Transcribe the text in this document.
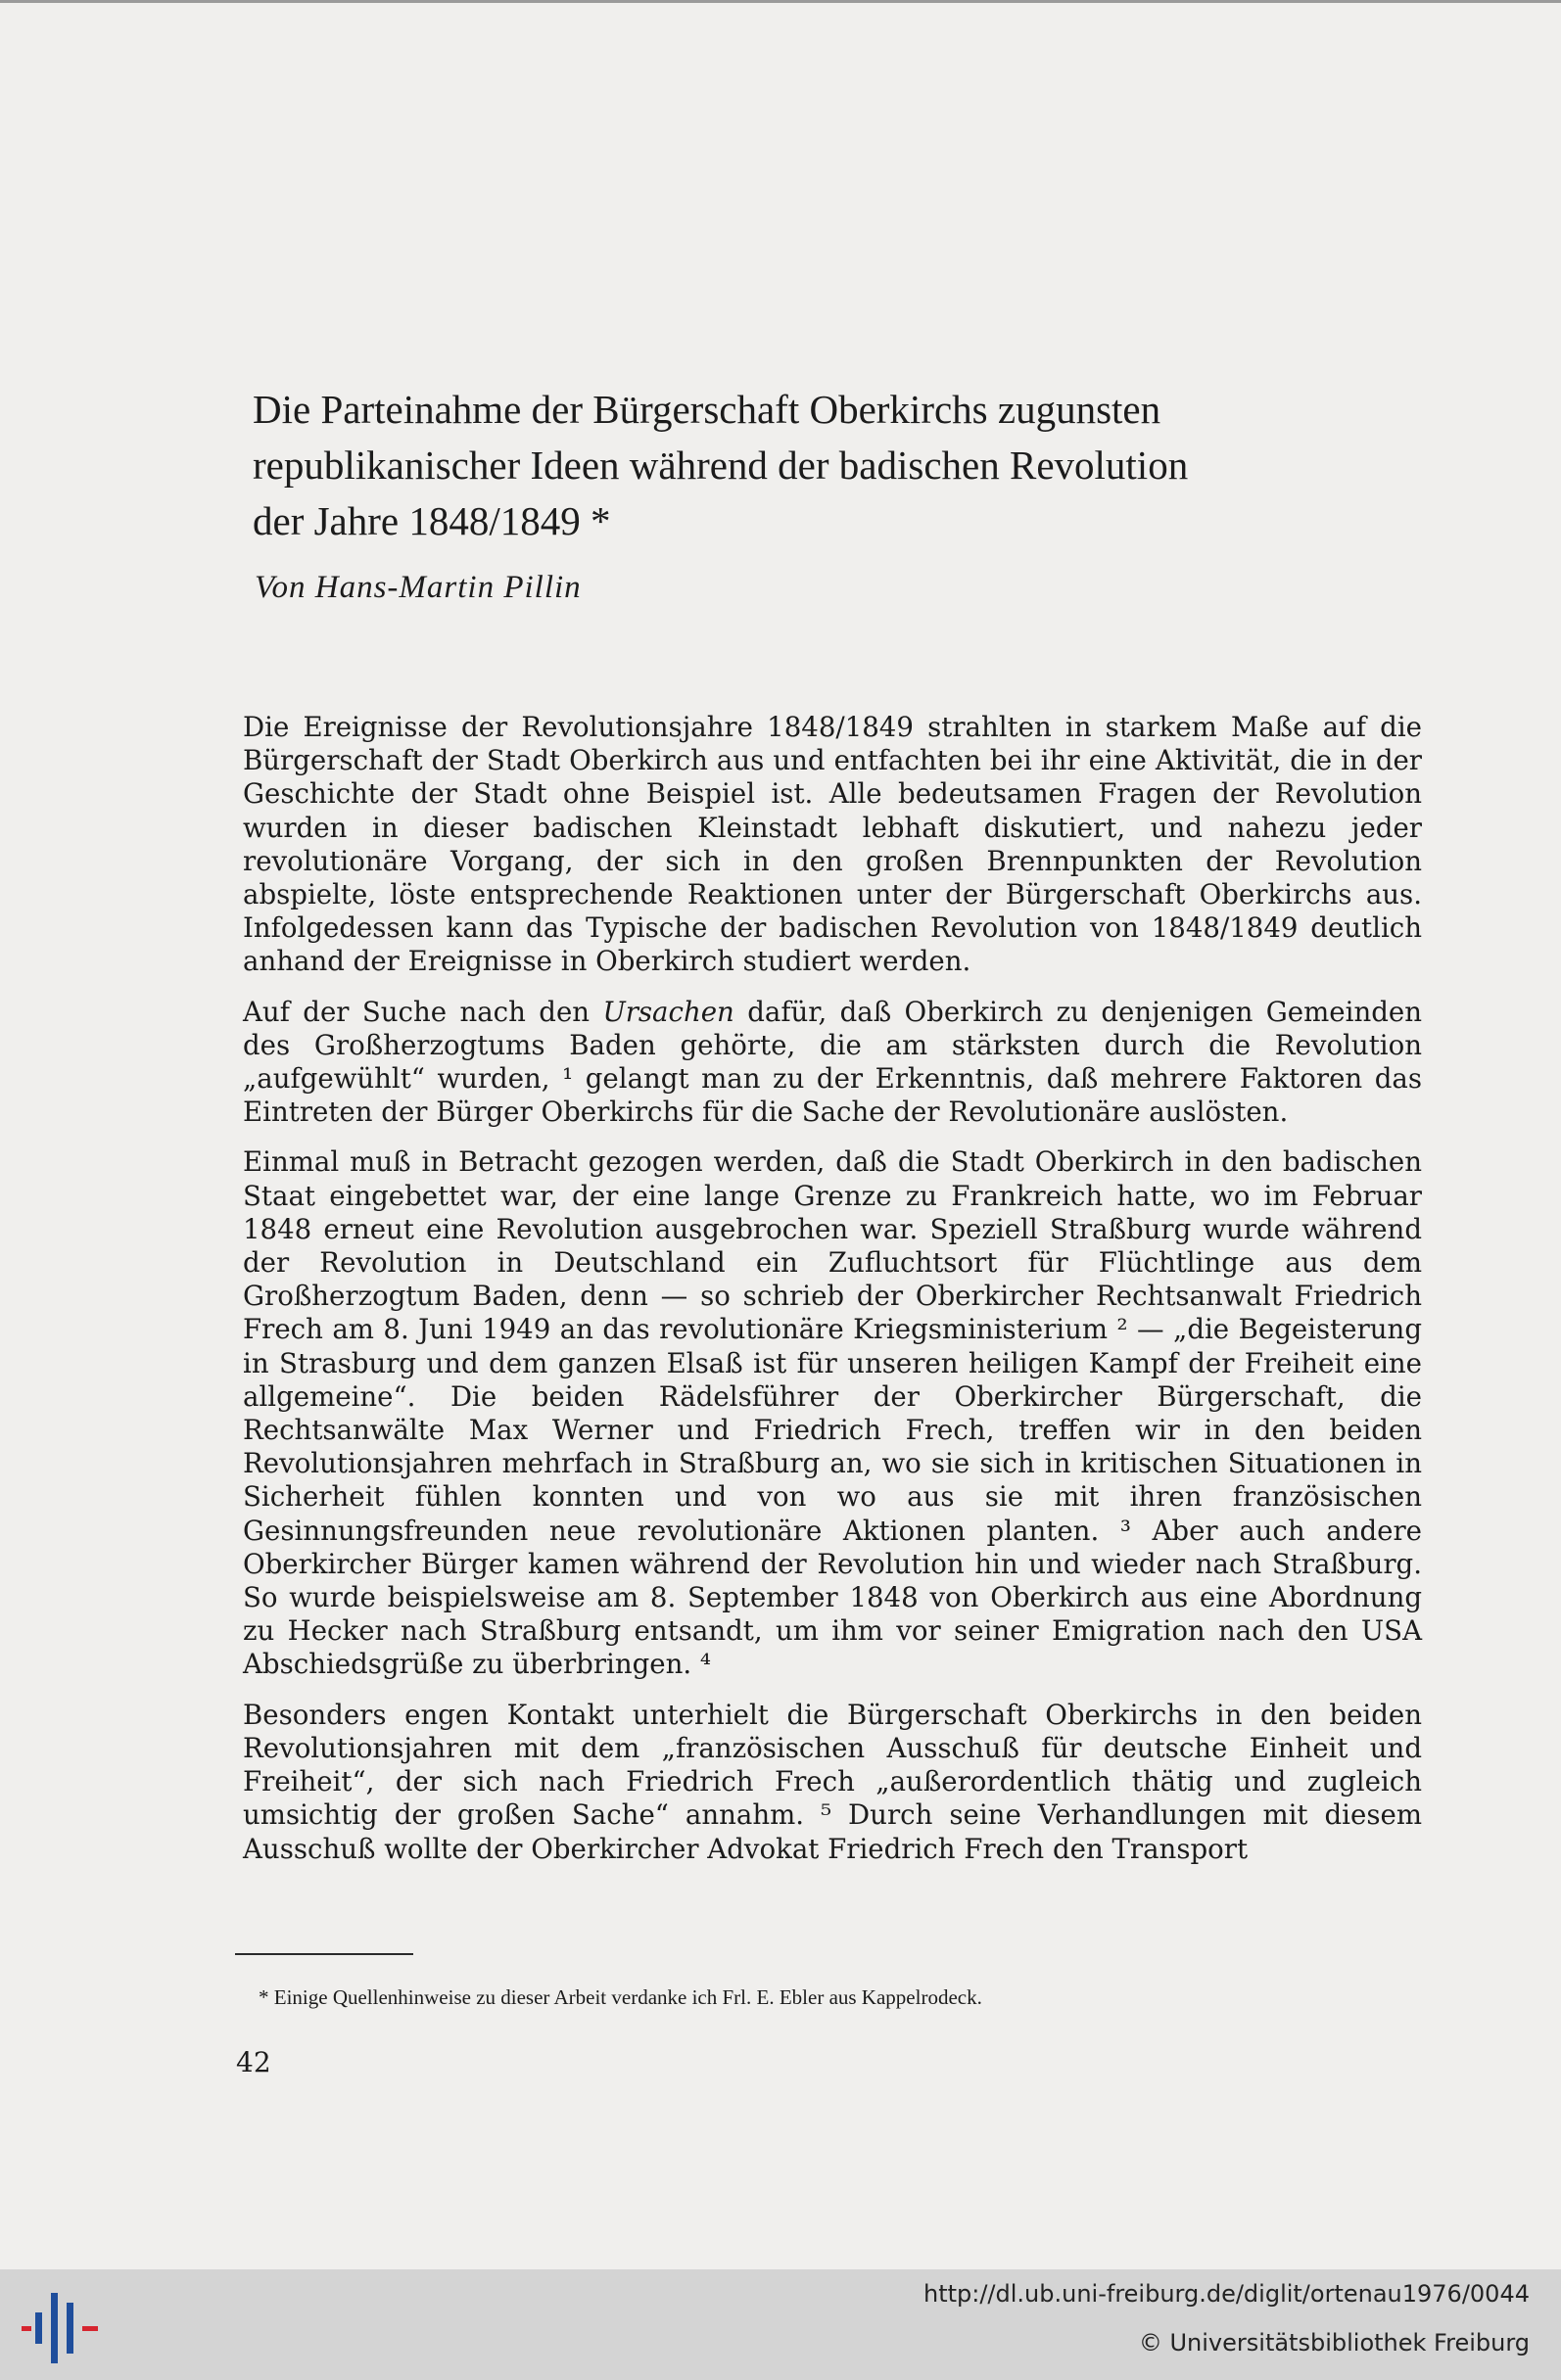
Die Parteinahme der Bürgerschaft Oberkirchs zugunsten
republikanischer Ideen während der badischen Revolution
der Jahre 1848/1849 *
Von Hans-Martin Pillin

Die Ereignisse der Revolutionsjahre 1848/1849 strahlten in starkem Maße auf die Bürgerschaft der Stadt Oberkirch aus und entfachten bei ihr eine Aktivität, die in der Geschichte der Stadt ohne Beispiel ist. Alle bedeutsamen Fragen der Revolution wurden in dieser badischen Kleinstadt lebhaft diskutiert, und nahezu jeder revolutionäre Vorgang, der sich in den großen Brennpunkten der Revolution abspielte, löste entsprechende Reaktionen unter der Bürgerschaft Oberkirchs aus. Infolgedessen kann das Typische der badischen Revolution von 1848/1849 deutlich anhand der Ereignisse in Oberkirch studiert werden.

Auf der Suche nach den Ursachen dafür, daß Oberkirch zu denjenigen Gemeinden des Großherzogtums Baden gehörte, die am stärksten durch die Revolution „aufgewühlt“ wurden, ¹ gelangt man zu der Erkenntnis, daß mehrere Faktoren das Eintreten der Bürger Oberkirchs für die Sache der Revolutionäre auslösten.

Einmal muß in Betracht gezogen werden, daß die Stadt Oberkirch in den badischen Staat eingebettet war, der eine lange Grenze zu Frankreich hatte, wo im Februar 1848 erneut eine Revolution ausgebrochen war. Speziell Straßburg wurde während der Revolution in Deutschland ein Zufluchtsort für Flüchtlinge aus dem Großherzogtum Baden, denn — so schrieb der Oberkircher Rechtsanwalt Friedrich Frech am 8. Juni 1949 an das revolutionäre Kriegsministerium ² — „die Begeisterung in Strasburg und dem ganzen Elsaß ist für unseren heiligen Kampf der Freiheit eine allgemeine“. Die beiden Rädelsführer der Oberkircher Bürgerschaft, die Rechtsanwälte Max Werner und Friedrich Frech, treffen wir in den beiden Revolutionsjahren mehrfach in Straßburg an, wo sie sich in kritischen Situationen in Sicherheit fühlen konnten und von wo aus sie mit ihren französischen Gesinnungsfreunden neue revolutionäre Aktionen planten. ³ Aber auch andere Oberkircher Bürger kamen während der Revolution hin und wieder nach Straßburg. So wurde beispielsweise am 8. September 1848 von Oberkirch aus eine Abordnung zu Hecker nach Straßburg entsandt, um ihm vor seiner Emigration nach den USA Abschiedsgrüße zu überbringen. ⁴

Besonders engen Kontakt unterhielt die Bürgerschaft Oberkirchs in den beiden Revolutionsjahren mit dem „französischen Ausschuß für deutsche Einheit und Freiheit“, der sich nach Friedrich Frech „außerordentlich thätig und zugleich umsichtig der großen Sache“ annahm. ⁵ Durch seine Verhandlungen mit diesem Ausschuß wollte der Oberkircher Advokat Friedrich Frech den Transport

* Einige Quellenhinweise zu dieser Arbeit verdanke ich Frl. E. Ebler aus Kappelrodeck.
42
http://dl.ub.uni-freiburg.de/diglit/ortenau1976/0044
© Universitätsbibliothek Freiburg
